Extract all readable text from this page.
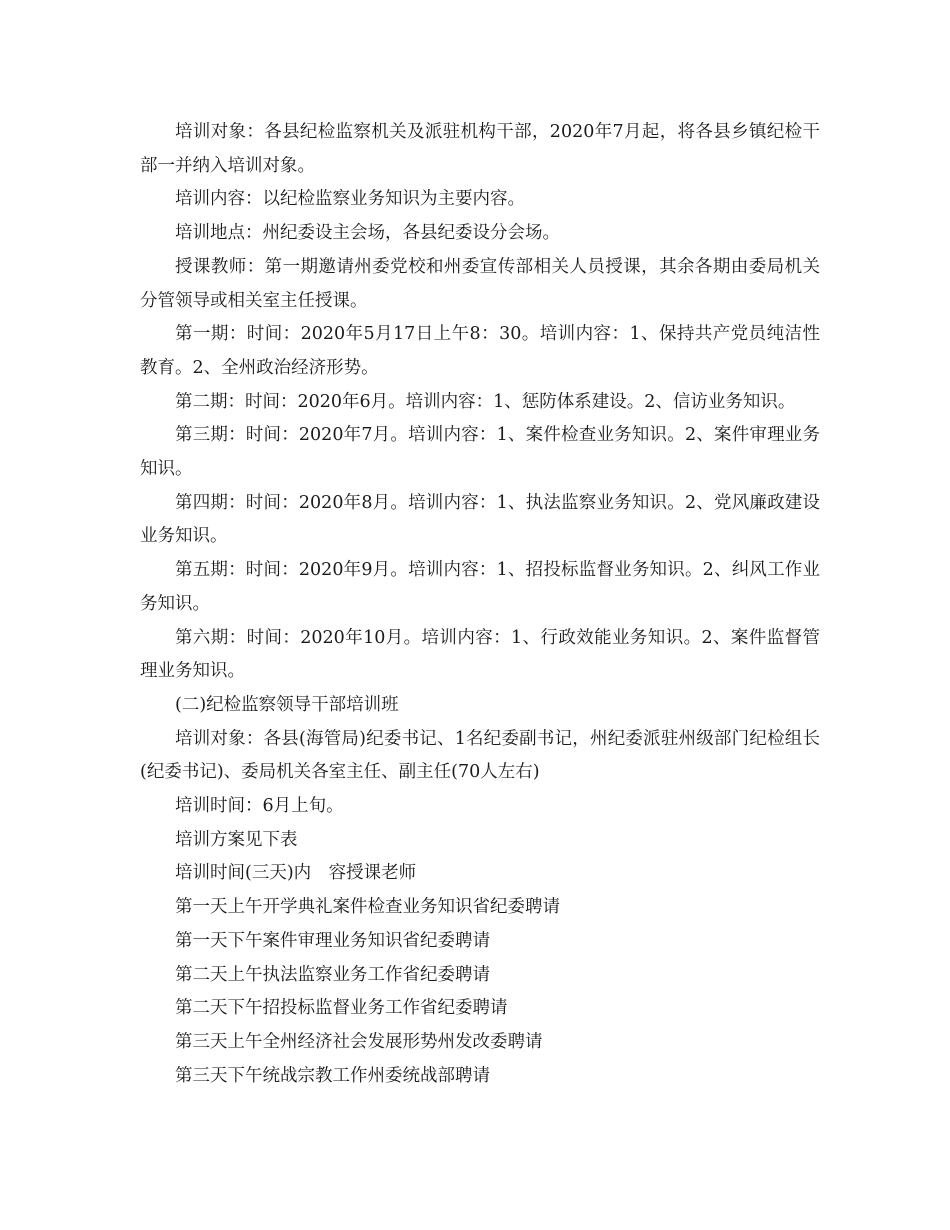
培训对象：各县纪检监察机关及派驻机构干部，2020年7月起，将各县乡镇纪检干部一并纳入培训对象。

培训内容：以纪检监察业务知识为主要内容。

培训地点：州纪委设主会场，各县纪委设分会场。

授课教师：第一期邀请州委党校和州委宣传部相关人员授课，其余各期由委局机关分管领导或相关室主任授课。

第一期：时间：2020年5月17日上午8：30。培训内容：1、保持共产党员纯洁性教育。2、全州政治经济形势。

第二期：时间：2020年6月。培训内容：1、惩防体系建设。2、信访业务知识。

第三期：时间：2020年7月。培训内容：1、案件检查业务知识。2、案件审理业务知识。

第四期：时间：2020年8月。培训内容：1、执法监察业务知识。2、党风廉政建设业务知识。

第五期：时间：2020年9月。培训内容：1、招投标监督业务知识。2、纠风工作业务知识。

第六期：时间：2020年10月。培训内容：1、行政效能业务知识。2、案件监督管理业务知识。

(二)纪检监察领导干部培训班

培训对象：各县(海管局)纪委书记、1名纪委副书记，州纪委派驻州级部门纪检组长(纪委书记)、委局机关各室主任、副主任(70人左右)

培训时间：6月上旬。

培训方案见下表

培训时间(三天)内　容授课老师

第一天上午开学典礼案件检查业务知识省纪委聘请

第一天下午案件审理业务知识省纪委聘请

第二天上午执法监察业务工作省纪委聘请

第二天下午招投标监督业务工作省纪委聘请

第三天上午全州经济社会发展形势州发改委聘请

第三天下午统战宗教工作州委统战部聘请
